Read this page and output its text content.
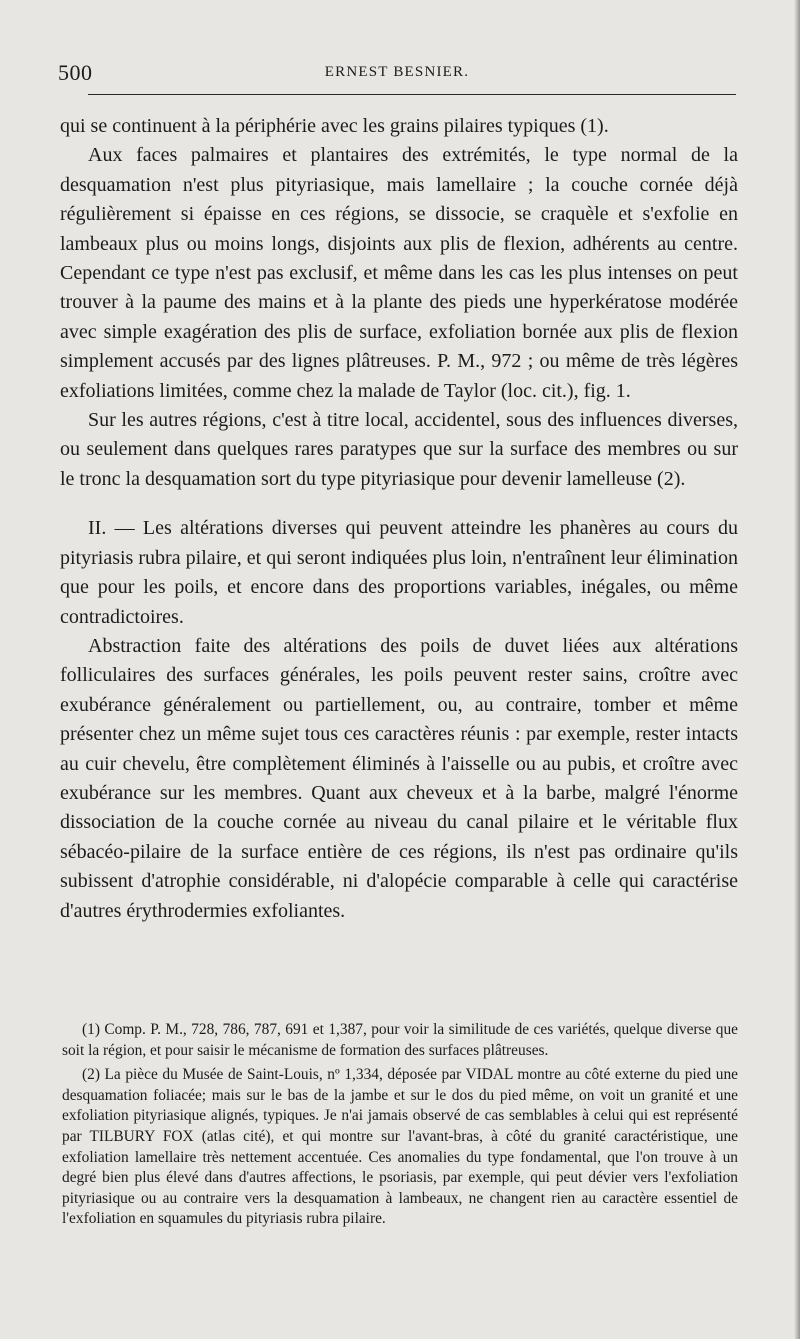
500	ERNEST BESNIER.

qui se continuent à la périphérie avec les grains pilaires typiques (1).

Aux faces palmaires et plantaires des extrémités, le type normal de la desquamation n'est plus pityriasique, mais lamellaire ; la couche cornée déjà régulièrement si épaisse en ces régions, se dissocie, se craquèle et s'exfolie en lambeaux plus ou moins longs, disjoints aux plis de flexion, adhérents au centre. Cependant ce type n'est pas exclusif, et même dans les cas les plus intenses on peut trouver à la paume des mains et à la plante des pieds une hyperkératose modérée avec simple exagération des plis de surface, exfoliation bornée aux plis de flexion simplement accusés par des lignes plâtreuses. P. M., 972 ; ou même de très légères exfoliations limitées, comme chez la malade de Taylor (loc. cit.), fig. 1.

Sur les autres régions, c'est à titre local, accidentel, sous des influences diverses, ou seulement dans quelques rares paratypes que sur la surface des membres ou sur le tronc la desquamation sort du type pityriasique pour devenir lamelleuse (2).

II. — Les altérations diverses qui peuvent atteindre les phanères au cours du pityriasis rubra pilaire, et qui seront indiquées plus loin, n'entraînent leur élimination que pour les poils, et encore dans des proportions variables, inégales, ou même contradictoires.

Abstraction faite des altérations des poils de duvet liées aux altérations folliculaires des surfaces générales, les poils peuvent rester sains, croître avec exubérance généralement ou partiellement, ou, au contraire, tomber et même présenter chez un même sujet tous ces caractères réunis : par exemple, rester intacts au cuir chevelu, être complètement éliminés à l'aisselle ou au pubis, et croître avec exubérance sur les membres. Quant aux cheveux et à la barbe, malgré l'énorme dissociation de la couche cornée au niveau du canal pilaire et le véritable flux sébacéo-pilaire de la surface entière de ces régions, ils n'est pas ordinaire qu'ils subissent d'atrophie considérable, ni d'alopécie comparable à celle qui caractérise d'autres érythrodermies exfoliantes.

(1) Comp. P. M., 728, 786, 787, 691 et 1,387, pour voir la similitude de ces variétés, quelque diverse que soit la région, et pour saisir le mécanisme de formation des surfaces plâtreuses.

(2) La pièce du Musée de Saint-Louis, nº 1,334, déposée par VIDAL montre au côté externe du pied une desquamation foliacée; mais sur le bas de la jambe et sur le dos du pied même, on voit un granité et une exfoliation pityriasique alignés, typiques. Je n'ai jamais observé de cas semblables à celui qui est représenté par TILBURY FOX (atlas cité), et qui montre sur l'avant-bras, à côté du granité caractéristique, une exfoliation lamellaire très nettement accentuée. Ces anomalies du type fondamental, que l'on trouve à un degré bien plus élevé dans d'autres affections, le psoriasis, par exemple, qui peut dévier vers l'exfoliation pityriasique ou au contraire vers la desquamation à lambeaux, ne changent rien au caractère essentiel de l'exfoliation en squamules du pityriasis rubra pilaire.
